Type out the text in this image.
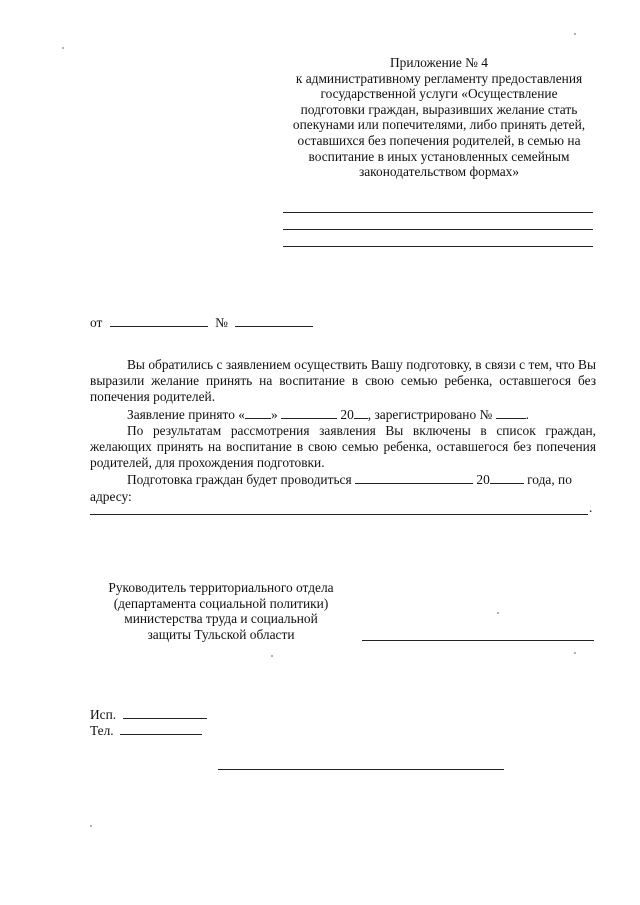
Приложение № 4

к административному регламенту предоставления

государственной услуги «Осуществление

подготовки граждан, выразивших желание стать

опекунами или попечителями, либо принять детей,

оставшихся без попечения родителей, в семью на

воспитание в иных установленных семейным

законодательством формах»

от	№

Вы обратились с заявлением осуществить Вашу подготовку, в связи с тем, что Вы выразили желание принять на воспитание в свою семью ребенка, оставшегося без попечения родителей.

Заявление принято « »	20 , зарегистрировано № .

По результатам рассмотрения заявления Вы включены в список граждан, желающих принять на воспитание в свою семью ребенка, оставшегося без попечения родителей, для прохождения подготовки.

Подготовка граждан будет проводиться	20	года, по

адресу:

.

Руководитель территориального отдела

(департамента социальной политики)

министерства труда и социальной

защиты Тульской области

Исп.
Тел.
